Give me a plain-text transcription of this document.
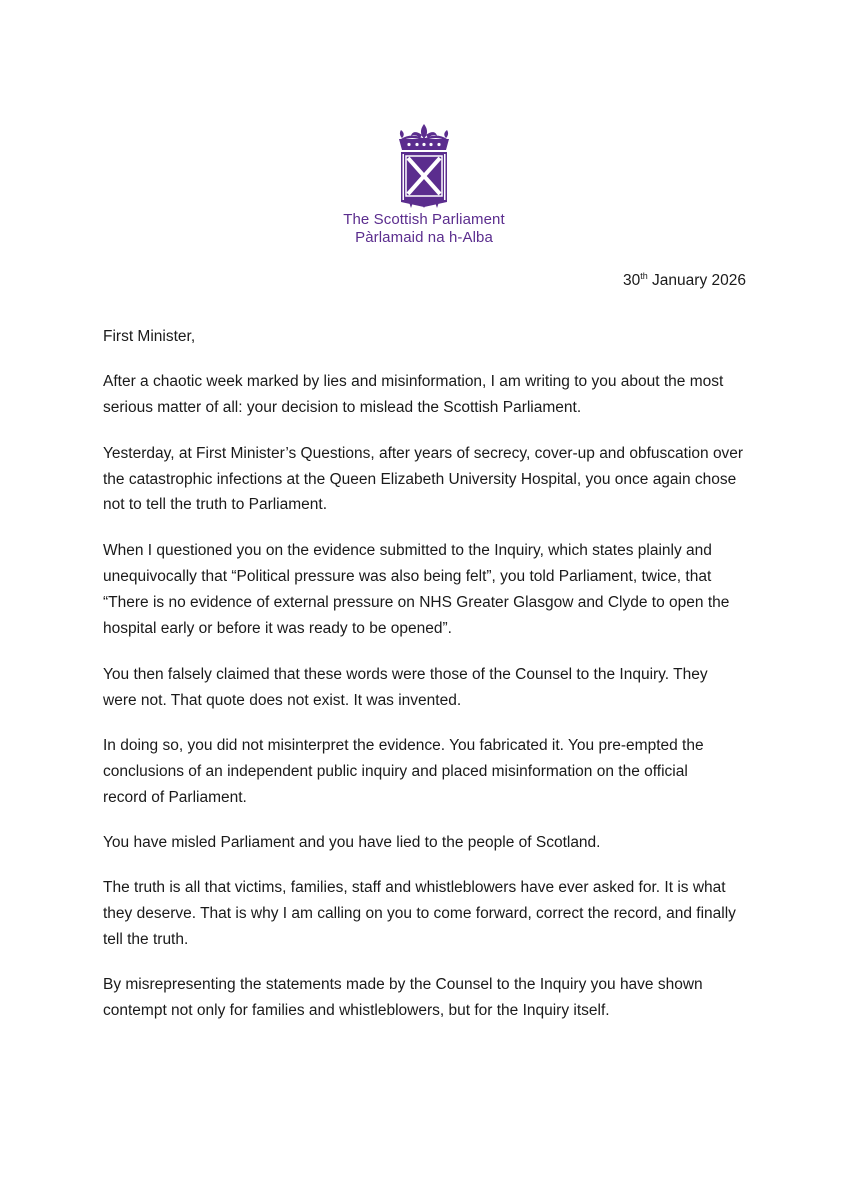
The Scottish Parliament
Pàrlamaid na h-Alba
30th January 2026

First Minister,

After a chaotic week marked by lies and misinformation, I am writing to you about the most

serious matter of all: your decision to mislead the Scottish Parliament.

Yesterday, at First Minister’s Questions, after years of secrecy, cover-up and obfuscation over

the catastrophic infections at the Queen Elizabeth University Hospital, you once again chose

not to tell the truth to Parliament.

When I questioned you on the evidence submitted to the Inquiry, which states plainly and

unequivocally that “Political pressure was also being felt”, you told Parliament, twice, that

“There is no evidence of external pressure on NHS Greater Glasgow and Clyde to open the

hospital early or before it was ready to be opened”.

You then falsely claimed that these words were those of the Counsel to the Inquiry. They

were not. That quote does not exist. It was invented.

In doing so, you did not misinterpret the evidence. You fabricated it. You pre-empted the

conclusions of an independent public inquiry and placed misinformation on the official

record of Parliament.

You have misled Parliament and you have lied to the people of Scotland.

The truth is all that victims, families, staff and whistleblowers have ever asked for. It is what

they deserve. That is why I am calling on you to come forward, correct the record, and finally

tell the truth.

By misrepresenting the statements made by the Counsel to the Inquiry you have shown

contempt not only for families and whistleblowers, but for the Inquiry itself.
